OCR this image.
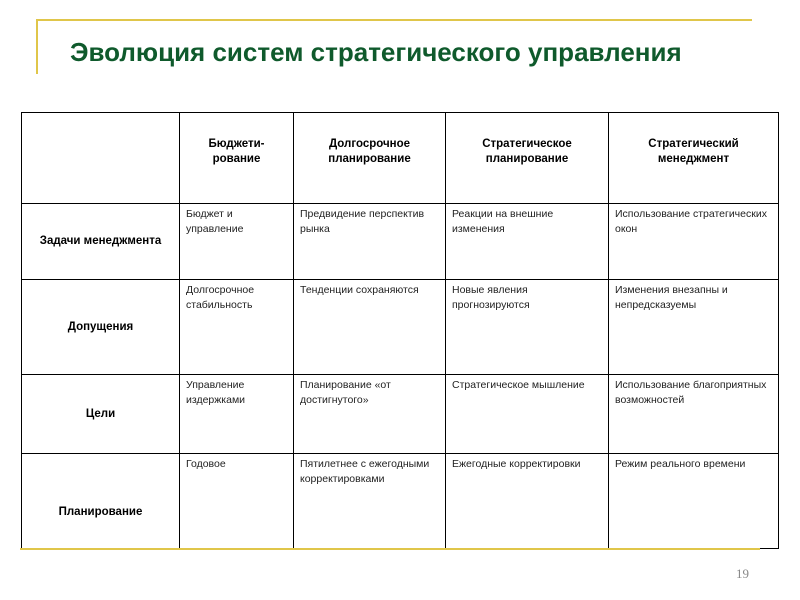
Эволюция систем стратегического управления
	Бюджети-рование	Долгосрочное планирование	Стратегическое планирование	Стратегический менеджмент
Задачи менеджмента	Бюджет и управление	Предвидение перспектив рынка	Реакции на внешние изменения	Использование стратегических окон
Допущения	Долгосрочное стабильность	Тенденции сохраняются	Новые явления прогнозируются	Изменения внезапны и непредсказуемы
Цели	Управление издержками	Планирование «от достигнутого»	Стратегическое мышление	Использование благоприятных возможностей
Планирование	Годовое	Пятилетнее с ежегодными корректировками	Ежегодные корректировки	Режим реального времени
19
